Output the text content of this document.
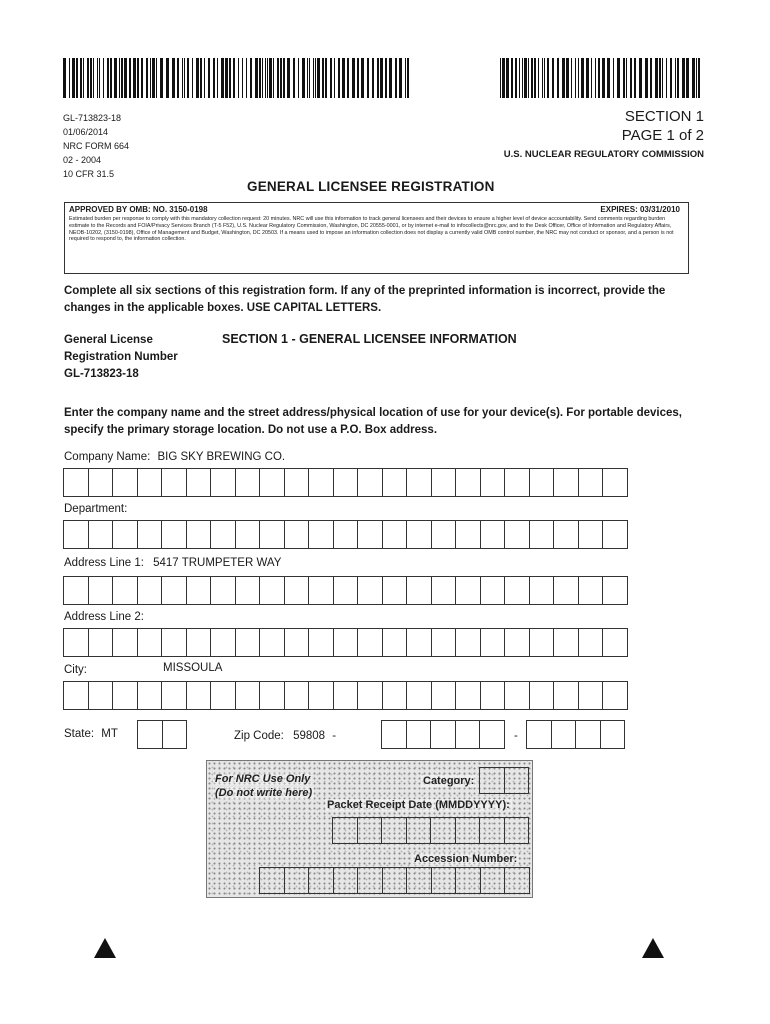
GL-713823-18
01/06/2014
NRC FORM 664
02 - 2004
10 CFR 31.5
SECTION 1
PAGE 1 of 2
U.S. NUCLEAR REGULATORY COMMISSION
GENERAL LICENSEE REGISTRATION
APPROVED BY OMB: NO. 3150-0198	EXPIRES: 03/31/2010
Estimated burden per response to comply with this mandatory collection request: 20 minutes. NRC will use this information to track general licensees and their devices to ensure a higher level of device accountability. Send comments regarding burden estimate to the Records and FOIA/Privacy Services Branch (T-5 F52), U.S. Nuclear Regulatory Commission, Washington, DC 20555-0001, or by internet e-mail to infocollects@nrc.gov, and to the Desk Officer, Office of Information and Regulatory Affairs, NEOB-10202, (3150-0198), Office of Management and Budget, Washington, DC 20503. If a means used to impose an information collection does not display a currently valid OMB control number, the NRC may not conduct or sponsor, and a person is not required to respond to, the information collection.
Complete all six sections of this registration form. If any of the preprinted information is incorrect, provide the changes in the applicable boxes. USE CAPITAL LETTERS.
General License
Registration Number
GL-713823-18
SECTION 1 - GENERAL LICENSEE INFORMATION
Enter the company name and the street address/physical location of use for your device(s). For portable devices, specify the primary storage location. Do not use a P.O. Box address.
Company Name: BIG SKY BREWING CO.
Department:
Address Line 1: 5417 TRUMPETER WAY
Address Line 2:
City:	MISSOULA
State: MT	Zip Code: 59808 -	-
For NRC Use Only
(Do not write here)
Category:
Packet Receipt Date (MMDDYYYY):
Accession Number:
